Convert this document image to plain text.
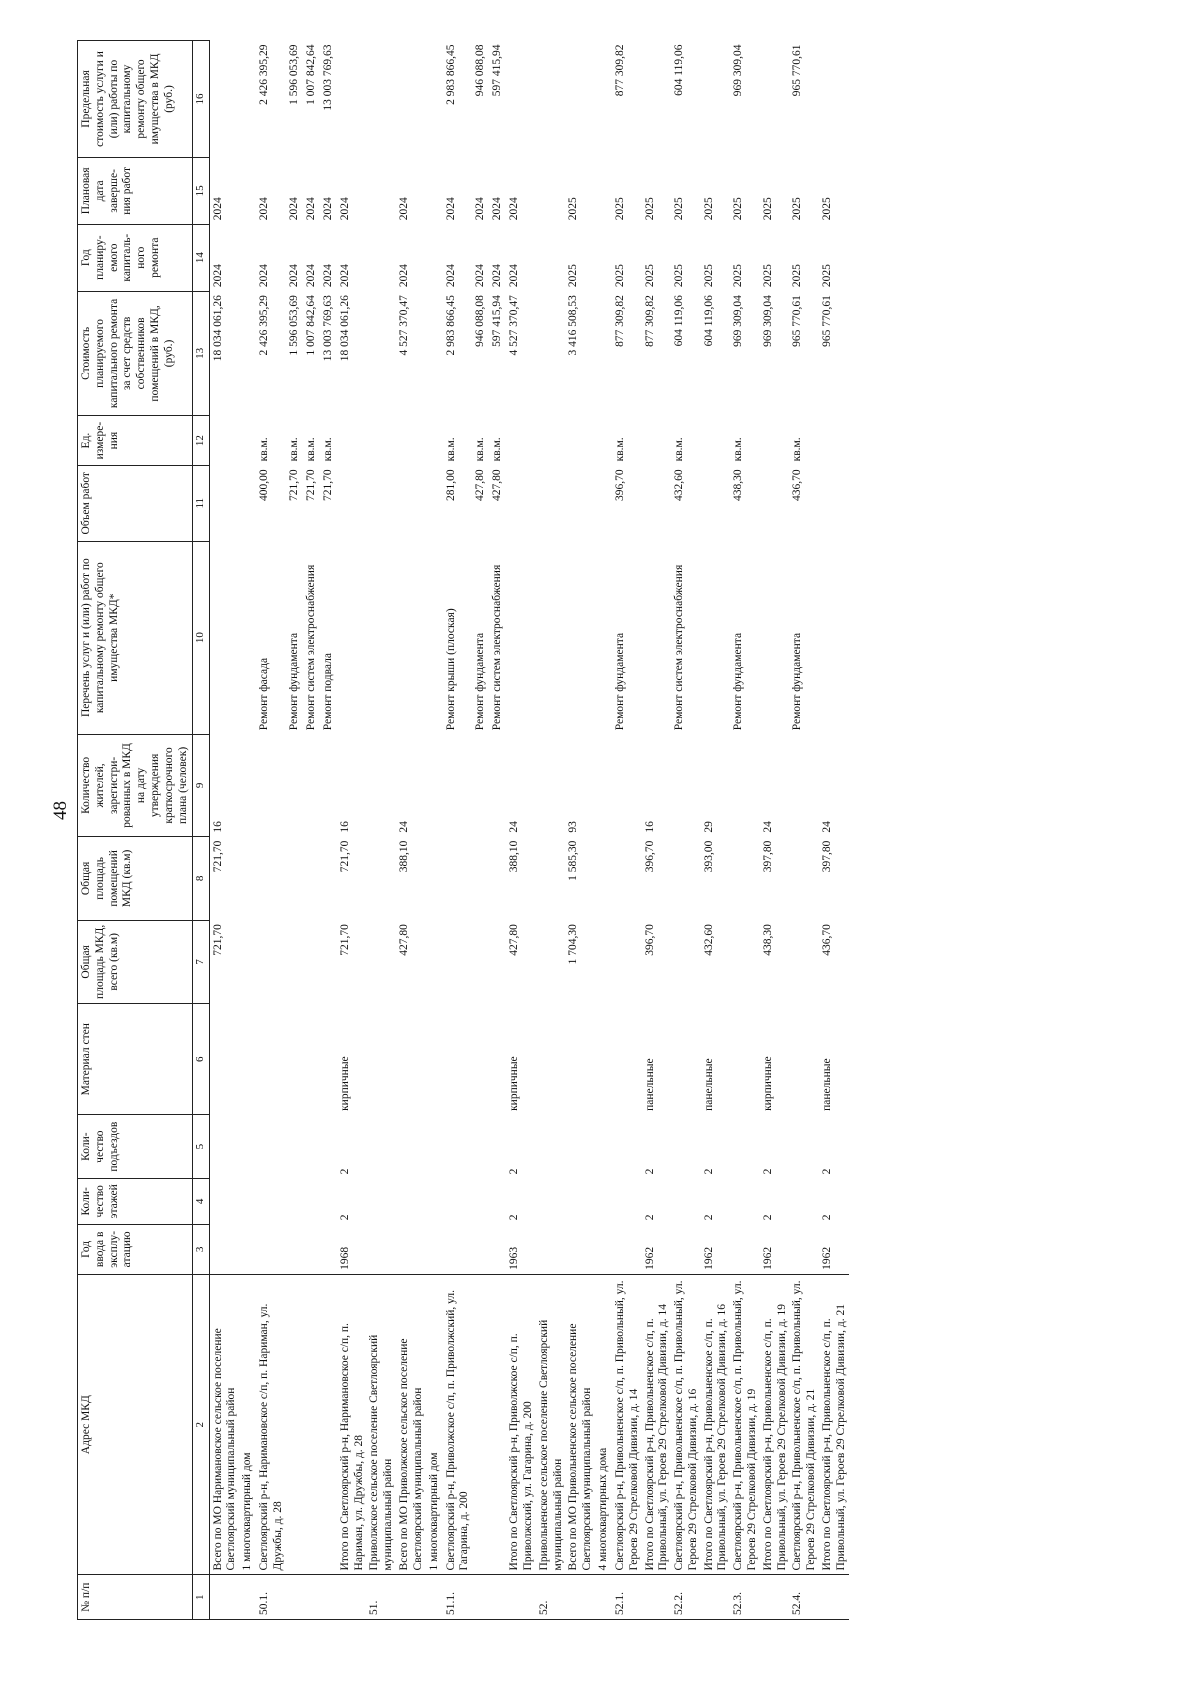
48
№ п/п	Адрес МКД	Год ввода в эксплу-атацию	Коли-чество этажей	Коли-чество подъездов	Материал стен	Общая площадь МКД, всего (кв.м)	Общая площадь помещений МКД (кв.м)	Количество жителей, зарегистри-рованных в МКД на дату утверждения краткосрочного плана (человек)	Перечень услуг и (или) работ по капитальному ремонту общего имущества МКД*	Объем работ	Ед. измере-ния	Стоимость планируемого капитального ремонта за счет средств собственников помещений в МКД, (руб.)	Год планиру-емого капиталь-ного ремонта	Плановая дата заверше-ния работ	Предельная стоимость услуги и (или) работы по капитальному ремонту общего имущества в МКД (руб.)
1	2	3	4	5	6	7	8	9	10	11	12	13	14	15	16
	Всего по МО Наримановское сельское поселение Светлоярский муниципальный район					721,70	721,70	16				18 034 061,26	2024	2024	
	1 многоквартирный дом														
50.1.	Светлоярский р-н, Наримановское с/п, п. Нариман, ул. Дружбы, д. 28								Ремонт фасада	400,00	кв.м.	2 426 395,29	2024	2024	2 426 395,29
									Ремонт фундамента	721,70	кв.м.	1 596 053,69	2024	2024	1 596 053,69
									Ремонт систем электроснабжения	721,70	кв.м.	1 007 842,64	2024	2024	1 007 842,64
									Ремонт подвала	721,70	кв.м.	13 003 769,63	2024	2024	13 003 769,63
	Итого по Светлоярский р-н, Наримановское с/п, п. Нариман, ул. Дружбы, д. 28	1968	2	2	кирпичные	721,70	721,70	16				18 034 061,26	2024	2024	
51.	Приволжское сельское поселение Светлоярский муниципальный район														
	Всего по МО Приволжское сельское поселение Светлоярский муниципальный район					427,80	388,10	24				4 527 370,47	2024	2024	
	1 многоквартирный дом														
51.1.	Светлоярский р-н, Приволжское с/п, п. Приволжский, ул. Гагарина, д. 200								Ремонт крыши (плоская)	281,00	кв.м.	2 983 866,45	2024	2024	2 983 866,45
									Ремонт фундамента	427,80	кв.м.	946 088,08	2024	2024	946 088,08
									Ремонт систем электроснабжения	427,80	кв.м.	597 415,94	2024	2024	597 415,94
	Итого по Светлоярский р-н, Приволжское с/п, п. Приволжский, ул. Гагарина, д. 200	1963	2	2	кирпичные	427,80	388,10	24				4 527 370,47	2024	2024	
52.	Привольненское сельское поселение Светлоярский муниципальный район														
	Всего по МО Привольненское сельское поселение Светлоярский муниципальный район					1 704,30	1 585,30	93				3 416 508,53	2025	2025	
	4 многоквартирных дома														
52.1.	Светлоярский р-н, Привольненское с/п, п. Привольный, ул. Героев 29 Стрелковой Дивизии, д. 14								Ремонт фундамента	396,70	кв.м.	877 309,82	2025	2025	877 309,82
	Итого по Светлоярский р-н, Привольненское с/п, п. Привольный, ул. Героев 29 Стрелковой Дивизии, д. 14	1962	2	2	панельные	396,70	396,70	16				877 309,82	2025	2025	
52.2.	Светлоярский р-н, Привольненское с/п, п. Привольный, ул. Героев 29 Стрелковой Дивизии, д. 16								Ремонт систем электроснабжения	432,60	кв.м.	604 119,06	2025	2025	604 119,06
	Итого по Светлоярский р-н, Привольненское с/п, п. Привольный, ул. Героев 29 Стрелковой Дивизии, д. 16	1962	2	2	панельные	432,60	393,00	29				604 119,06	2025	2025	
52.3.	Светлоярский р-н, Привольненское с/п, п. Привольный, ул. Героев 29 Стрелковой Дивизии, д. 19								Ремонт фундамента	438,30	кв.м.	969 309,04	2025	2025	969 309,04
	Итого по Светлоярский р-н, Привольненское с/п, п. Привольный, ул. Героев 29 Стрелковой Дивизии, д. 19	1962	2	2	кирпичные	438,30	397,80	24				969 309,04	2025	2025	
52.4.	Светлоярский р-н, Привольненское с/п, п. Привольный, ул. Героев 29 Стрелковой Дивизии, д. 21								Ремонт фундамента	436,70	кв.м.	965 770,61	2025	2025	965 770,61
	Итого по Светлоярский р-н, Привольненское с/п, п. Привольный, ул. Героев 29 Стрелковой Дивизии, д. 21	1962	2	2	панельные	436,70	397,80	24				965 770,61	2025	2025	
